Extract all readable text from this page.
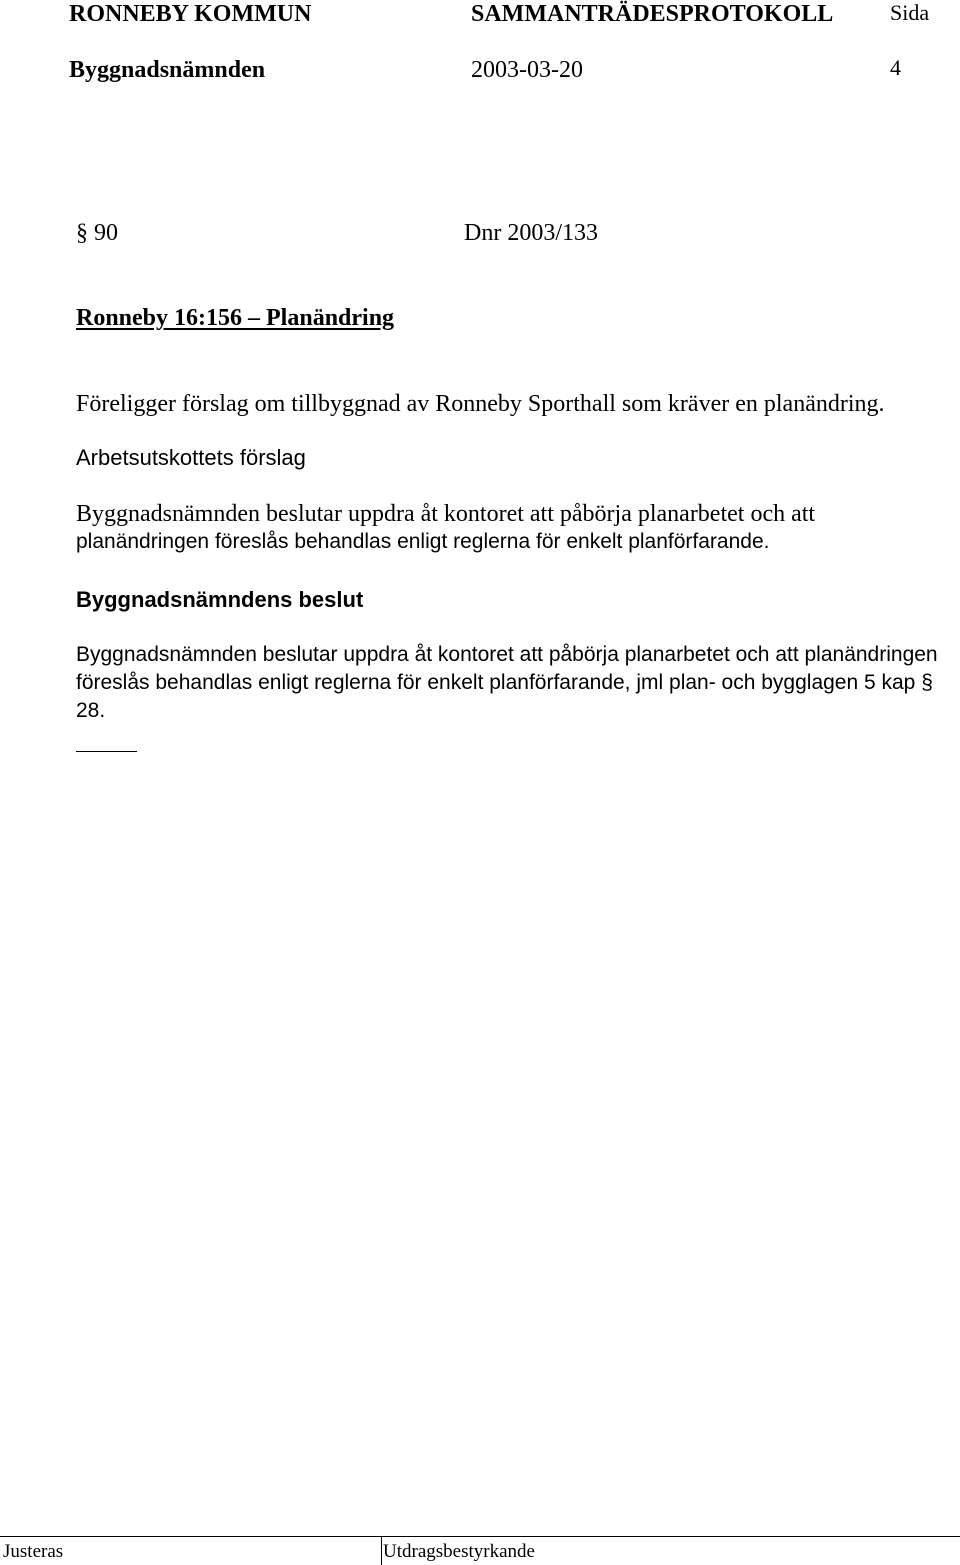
RONNEBY KOMMUN	SAMMANTRÄDESPROTOKOLL	Sida
Byggnadsnämnden	2003-03-20	4
§ 90	Dnr 2003/133
Ronneby 16:156 – Planändring
Föreligger förslag om tillbyggnad av Ronneby Sporthall som kräver en planändring.
Arbetsutskottets förslag
Byggnadsnämnden beslutar uppdra åt kontoret att påbörja planarbetet och att
planändringen föreslås behandlas enligt reglerna för enkelt planförfarande.
Byggnadsnämndens beslut
Byggnadsnämnden beslutar uppdra åt kontoret att påbörja planarbetet och att planändringen föreslås behandlas enligt reglerna för enkelt planförfarande, jml plan- och bygglagen 5 kap § 28.
Justeras	Utdragsbestyrkande
